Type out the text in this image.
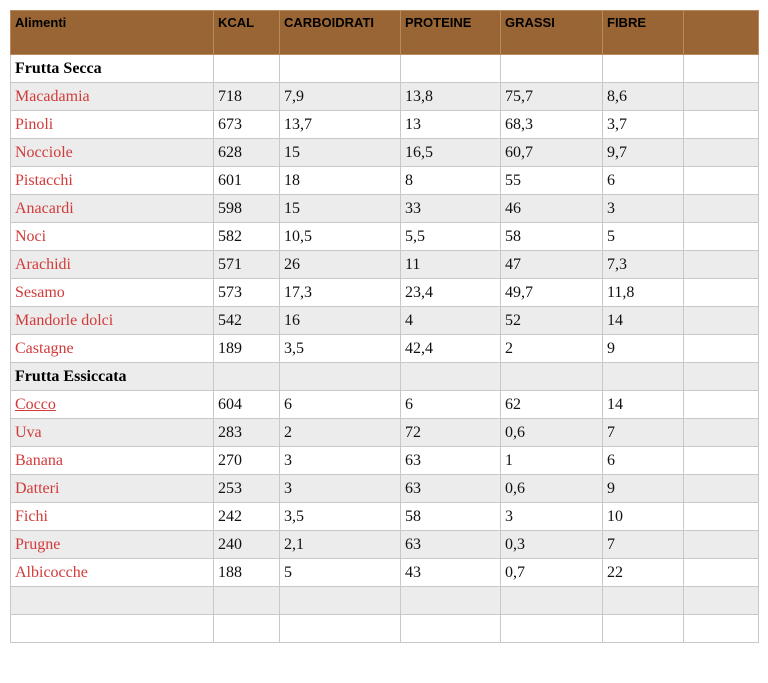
Alimenti	KCAL	CARBOIDRATI	PROTEINE	GRASSI	FIBRE	
Frutta Secca						
Macadamia	718	7,9	13,8	75,7	8,6	
Pinoli	673	13,7	13	68,3	3,7	
Nocciole	628	15	16,5	60,7	9,7	
Pistacchi	601	18	8	55	6	
Anacardi	598	15	33	46	3	
Noci	582	10,5	5,5	58	5	
Arachidi	571	26	11	47	7,3	
Sesamo	573	17,3	23,4	49,7	11,8	
Mandorle dolci	542	16	4	52	14	
Castagne	189	3,5	42,4	2	9	
Frutta Essiccata						
Cocco	604	6	6	62	14	
Uva	283	2	72	0,6	7	
Banana	270	3	63	1	6	
Datteri	253	3	63	0,6	9	
Fichi	242	3,5	58	3	10	
Prugne	240	2,1	63	0,3	7	
Albicocche	188	5	43	0,7	22	
